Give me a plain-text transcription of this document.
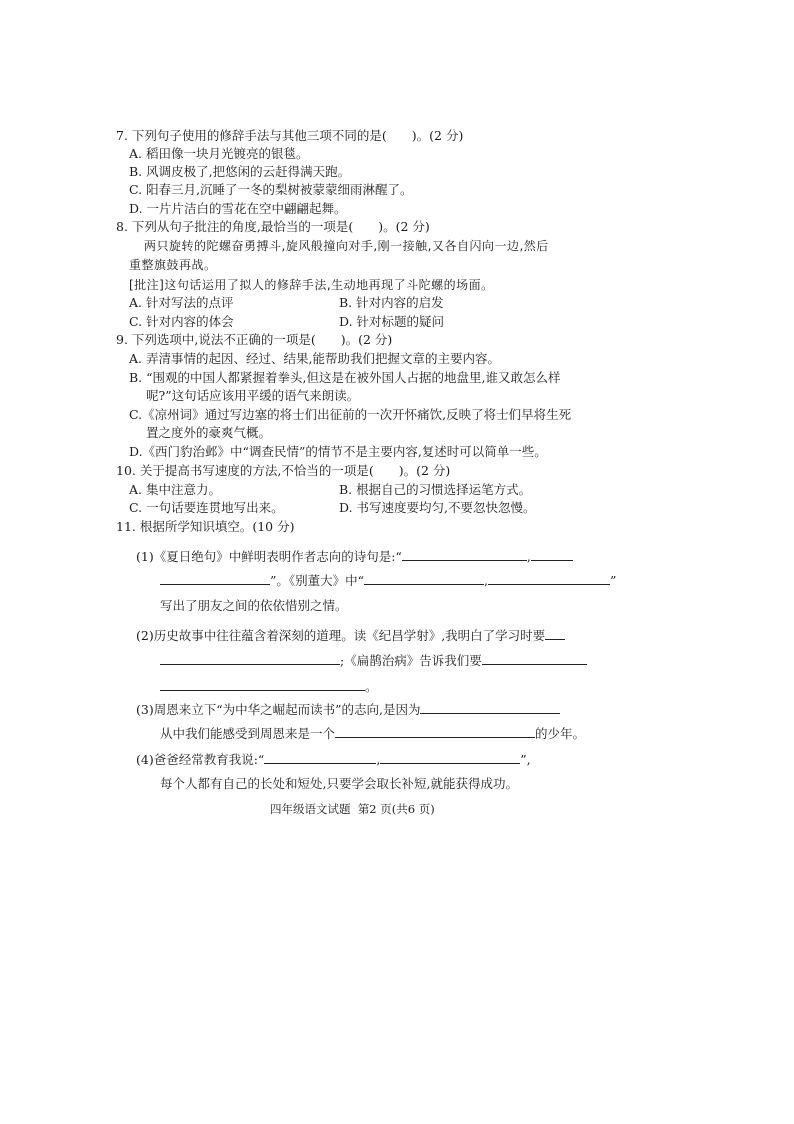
7. 下列句子使用的修辞手法与其他三项不同的是(　　)。(2 分)
A. 稻田像一块月光镀亮的银毯。
B. 风调皮极了,把悠闲的云赶得满天跑。
C. 阳春三月,沉睡了一冬的梨树被蒙蒙细雨淋醒了。
D. 一片片洁白的雪花在空中翩翩起舞。
8. 下列从句子批注的角度,最恰当的一项是(　　)。(2 分)
两只旋转的陀螺奋勇搏斗,旋风般撞向对手,刚一接触,又各自闪向一边,然后
重整旗鼓再战。
[批注]这句话运用了拟人的修辞手法,生动地再现了斗陀螺的场面。
A. 针对写法的点评	B. 针对内容的启发
C. 针对内容的体会	D. 针对标题的疑问
9. 下列选项中,说法不正确的一项是(　　)。(2 分)
A. 弄清事情的起因、经过、结果,能帮助我们把握文章的主要内容。
B. “围观的中国人都紧握着拳头,但这是在被外国人占据的地盘里,谁又敢怎么样
呢?”这句话应该用平缓的语气来朗读。
C.《凉州词》通过写边塞的将士们出征前的一次开怀痛饮,反映了将士们早将生死
置之度外的豪爽气概。
D.《西门豹治邺》中“调查民情”的情节不是主要内容,复述时可以简单一些。
10. 关于提高书写速度的方法,不恰当的一项是(　　)。(2 分)
A. 集中注意力。	B. 根据自己的习惯选择运笔方式。
C. 一句话要连贯地写出来。	D. 书写速度要均匀,不要忽快忽慢。
11. 根据所学知识填空。(10 分)
(1)《夏日绝句》中鲜明表明作者志向的诗句是:“	,
”。《别董大》中“	,	”
写出了朋友之间的依依惜别之情。
(2)历史故事中往往蕴含着深刻的道理。读《纪昌学射》,我明白了学习时要
;《扁鹊治病》告诉我们要
。
(3)周恩来立下“为中华之崛起而读书”的志向,是因为
从中我们能感受到周恩来是一个	的少年。
(4)爸爸经常教育我说:“	,	”,
每个人都有自己的长处和短处,只要学会取长补短,就能获得成功。
四年级语文试题 第2 页(共6 页)
